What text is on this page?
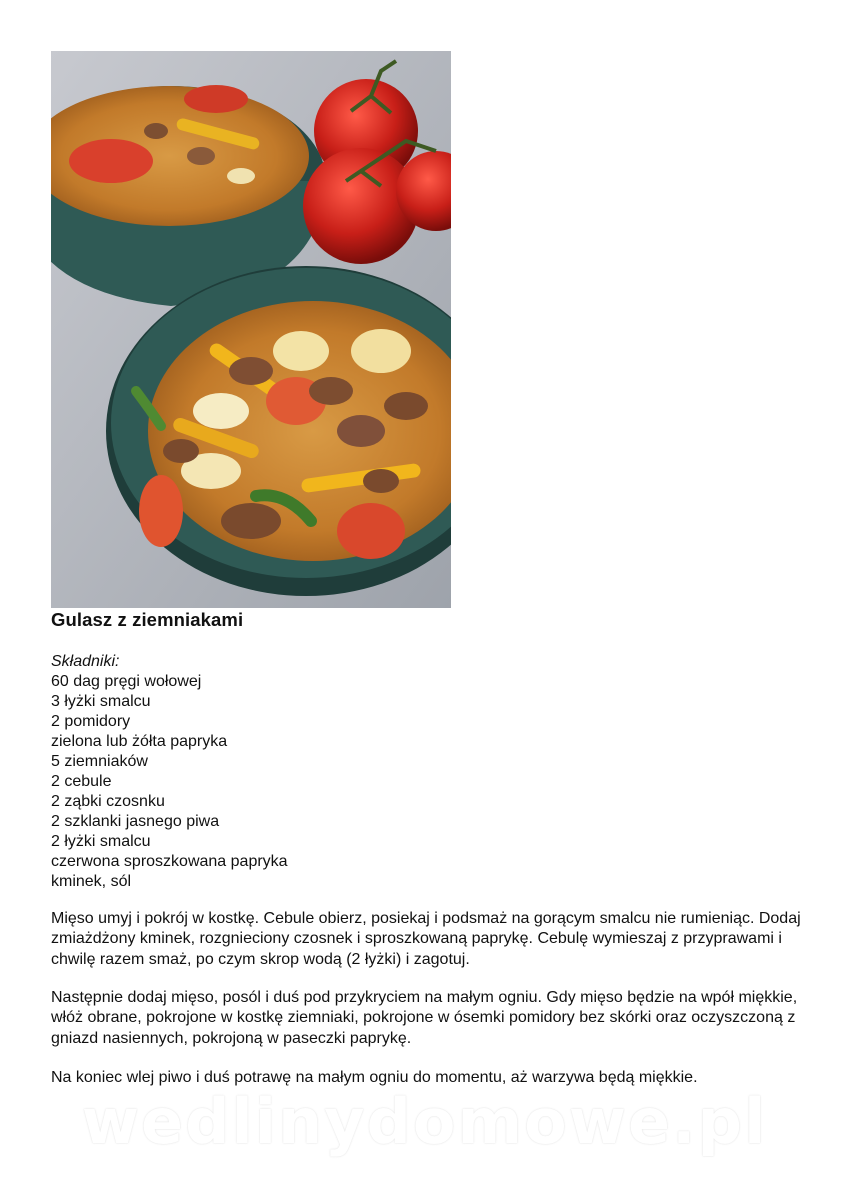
Gulasz z ziemniakami
Składniki:
60 dag pręgi wołowej
3 łyżki smalcu
2 pomidory
zielona lub żółta papryka
5 ziemniaków
2 cebule
2 ząbki czosnku
2 szklanki jasnego piwa
2 łyżki smalcu
czerwona sproszkowana papryka
kminek, sól

Mięso umyj i pokrój w kostkę. Cebule obierz, posiekaj i podsmaż na gorącym smalcu nie rumieniąc. Dodaj zmiażdżony kminek, rozgnieciony czosnek i sproszkowaną paprykę. Cebulę wymieszaj z przyprawami i chwilę razem smaż, po czym skrop wodą (2 łyżki) i zagotuj.

Następnie dodaj mięso, posól i duś pod przykryciem na małym ogniu. Gdy mięso będzie na wpół miękkie, włóż obrane, pokrojone w kostkę ziemniaki, pokrojone w ósemki pomidory bez skórki oraz oczyszczoną z gniazd nasiennych, pokrojoną w paseczki paprykę.

Na koniec wlej piwo i duś potrawę na małym ogniu do momentu, aż warzywa będą miękkie.

wedlinydomowe.pl
